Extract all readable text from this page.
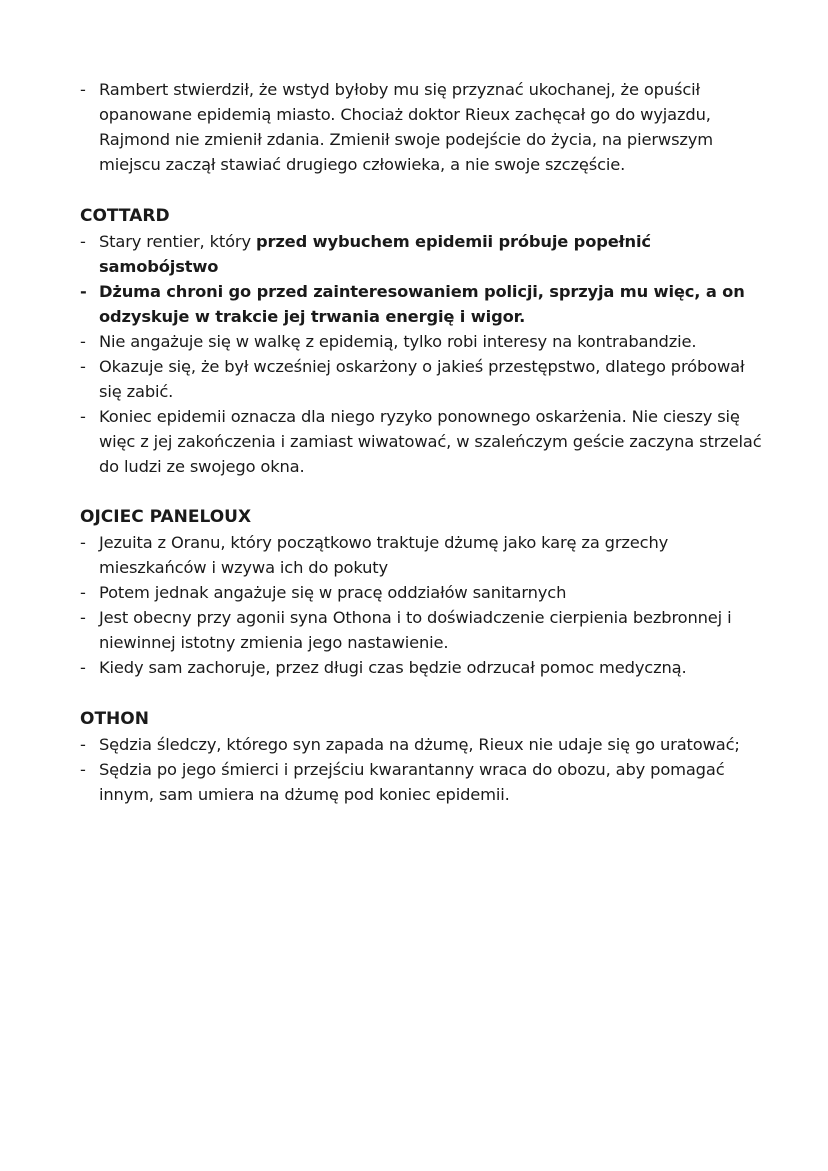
- Rambert stwierdził, że wstyd byłoby mu się przyznać ukochanej, że opuścił opanowane epidemią miasto. Chociaż doktor Rieux zachęcał go do wyjazdu, Rajmond nie zmienił zdania. Zmienił swoje podejście do życia, na pierwszym miejscu zaczął stawiać drugiego człowieka, a nie swoje szczęście.
COTTARD
- Stary rentier, który przed wybuchem epidemii próbuje popełnić samobójstwo
- Dżuma chroni go przed zainteresowaniem policji, sprzyja mu więc, a on odzyskuje w trakcie jej trwania energię i wigor.
- Nie angażuje się w walkę z epidemią, tylko robi interesy na kontrabandzie.
- Okazuje się, że był wcześniej oskarżony o jakieś przestępstwo, dlatego próbował się zabić.
- Koniec epidemii oznacza dla niego ryzyko ponownego oskarżenia. Nie cieszy się więc z jej zakończenia i zamiast wiwatować, w szaleńczym geście zaczyna strzelać do ludzi ze swojego okna.
OJCIEC PANELOUX
- Jezuita z Oranu, który początkowo traktuje dżumę jako karę za grzechy mieszkańców i wzywa ich do pokuty
- Potem jednak angażuje się w pracę oddziałów sanitarnych
- Jest obecny przy agonii syna Othona i to doświadczenie cierpienia bezbronnej i niewinnej istotny zmienia jego nastawienie.
- Kiedy sam zachoruje, przez długi czas będzie odrzucał pomoc medyczną.
OTHON
- Sędzia śledczy, którego syn zapada na dżumę, Rieux nie udaje się go uratować;
- Sędzia po jego śmierci i przejściu kwarantanny wraca do obozu, aby pomagać innym, sam umiera na dżumę pod koniec epidemii.
